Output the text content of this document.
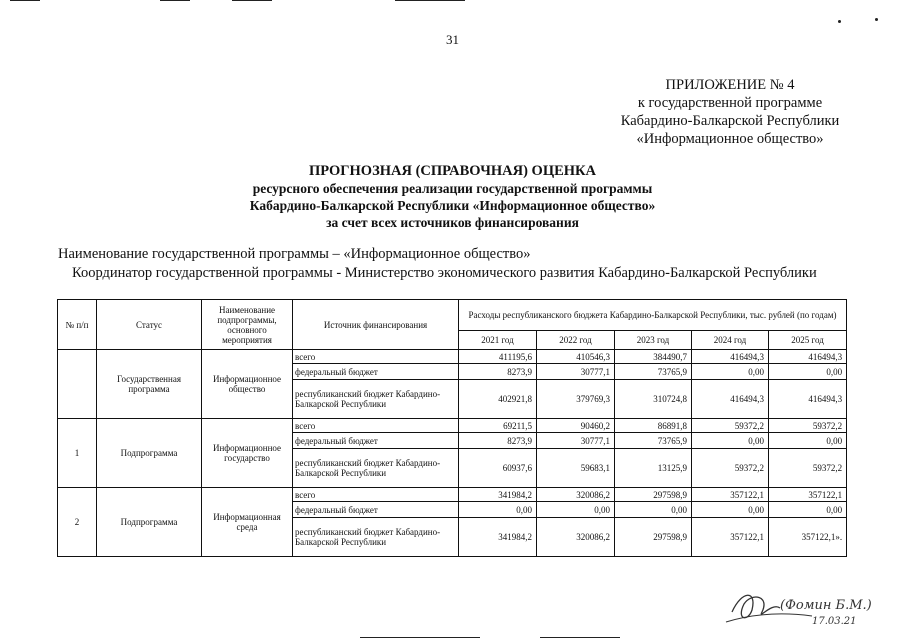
31
ПРИЛОЖЕНИЕ № 4
к государственной программе
Кабардино-Балкарской Республики
«Информационное общество»
ПРОГНОЗНАЯ (СПРАВОЧНАЯ) ОЦЕНКА
ресурсного обеспечения реализации государственной программы
Кабардино-Балкарской Республики «Информационное общество»
за счет всех источников финансирования
Наименование государственной программы – «Информационное общество»
Координатор государственной программы - Министерство экономического развития Кабардино-Балкарской Республики
№ п/п	Статус	Наименование подпрограммы, основного мероприятия	Источник финансирования	Расходы республиканского бюджета Кабардино-Балкарской Республики, тыс. рублей (по годам)				
				2021 год	2022 год	2023 год	2024 год	2025 год
	Государственная программа	Информационное общество	всего	411195,6	410546,3	384490,7	416494,3	416494,3
			федеральный бюджет	8273,9	30777,1	73765,9	0,00	0,00
			республиканский бюджет Кабардино-Балкарской Республики	402921,8	379769,3	310724,8	416494,3	416494,3
1	Подпрограмма	Информационное государство	всего	69211,5	90460,2	86891,8	59372,2	59372,2
			федеральный бюджет	8273,9	30777,1	73765,9	0,00	0,00
			республиканский бюджет Кабардино-Балкарской Республики	60937,6	59683,1	13125,9	59372,2	59372,2
2	Подпрограмма	Информационная среда	всего	341984,2	320086,2	297598,9	357122,1	357122,1
			федеральный бюджет	0,00	0,00	0,00	0,00	0,00
			республиканский бюджет Кабардино-Балкарской Республики	341984,2	320086,2	297598,9	357122,1	357122,1».
(Фомин Б.М.)
17.03.21
